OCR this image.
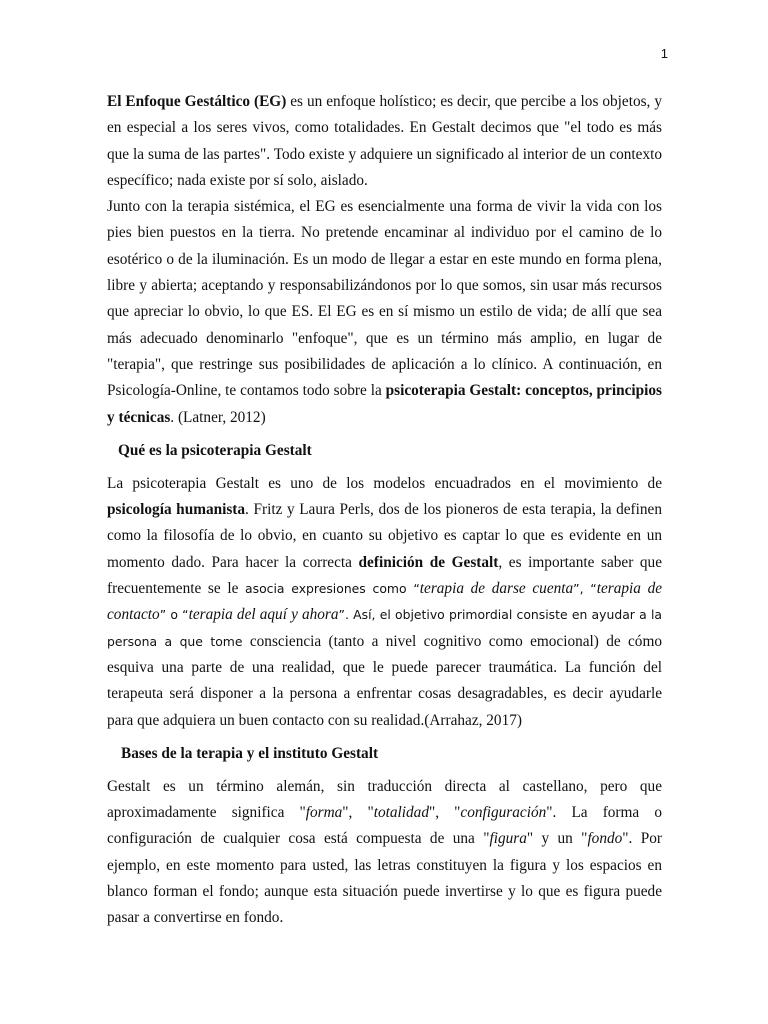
1

El Enfoque Gestáltico (EG) es un enfoque holístico; es decir, que percibe a los objetos, y en especial a los seres vivos, como totalidades. En Gestalt decimos que "el todo es más que la suma de las partes". Todo existe y adquiere un significado al interior de un contexto específico; nada existe por sí solo, aislado.

Junto con la terapia sistémica, el EG es esencialmente una forma de vivir la vida con los pies bien puestos en la tierra. No pretende encaminar al individuo por el camino de lo esotérico o de la iluminación. Es un modo de llegar a estar en este mundo en forma plena, libre y abierta; aceptando y responsabilizándonos por lo que somos, sin usar más recursos que apreciar lo obvio, lo que ES. El EG es en sí mismo un estilo de vida; de allí que sea más adecuado denominarlo "enfoque", que es un término más amplio, en lugar de "terapia", que restringe sus posibilidades de aplicación a lo clínico. A continuación, en Psicología-Online, te contamos todo sobre la psicoterapia Gestalt: conceptos, principios y técnicas. (Latner, 2012)

Qué es la psicoterapia Gestalt

La psicoterapia Gestalt es uno de los modelos encuadrados en el movimiento de psicología humanista. Fritz y Laura Perls, dos de los pioneros de esta terapia, la definen como la filosofía de lo obvio, en cuanto su objetivo es captar lo que es evidente en un momento dado. Para hacer la correcta definición de Gestalt, es importante saber que frecuentemente se le asocia expresiones como “terapia de darse cuenta”, “terapia de contacto” o “terapia del aquí y ahora”. Así, el objetivo primordial consiste en ayudar a la persona a que tome consciencia (tanto a nivel cognitivo como emocional) de cómo esquiva una parte de una realidad, que le puede parecer traumática. La función del terapeuta será disponer a la persona a enfrentar cosas desagradables, es decir ayudarle para que adquiera un buen contacto con su realidad.(Arrahaz, 2017)

Bases de la terapia y el instituto Gestalt

Gestalt es un término alemán, sin traducción directa al castellano, pero que aproximadamente significa "forma", "totalidad", "configuración". La forma o configuración de cualquier cosa está compuesta de una "figura" y un "fondo". Por ejemplo, en este momento para usted, las letras constituyen la figura y los espacios en blanco forman el fondo; aunque esta situación puede invertirse y lo que es figura puede pasar a convertirse en fondo.
